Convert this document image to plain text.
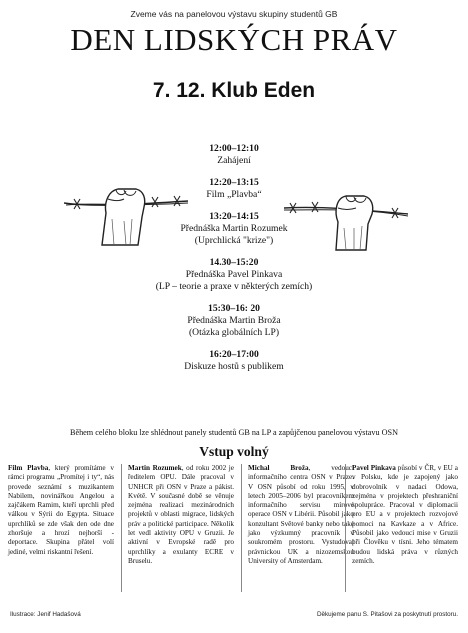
Zveme vás na panelovou výstavu skupiny studentů GB
DEN LIDSKÝCH PRÁV
7. 12. Klub Eden
12:00–12:10
Zahájení
12:20–13:15
Film „Plavba“
13:20–14:15
Přednáška Martin Rozumek
(Uprchlická "krize")
14.30–15:20
Přednáška Pavel Pinkava
(LP – teorie a praxe v některých zemích)
15:30–16: 20
Přednáška Martin Broža
(Otázka globálních LP)
16:20–17:00
Diskuze hostů s publikem
Během celého bloku lze shlédnout panely studentů GB na LP a zapůjčenou panelovou výstavu OSN
Vstup volný
Film Plavba, který promítáme v rámci programu „Promítej i ty“, nás provede seznámí s muzikantem Nabilem, novinářkou Angelou a zajčákem Ramim, kteří uprchli před válkou v Sýrii do Egypta. Situace uprchlíků se zde však den ode dne zhoršuje a hrozí nejhorší - deportace. Skupina přátel volí jediné, velmi riskantní řešení.
Martin Rozumek, od roku 2002 je ředitelem OPU. Dále pracoval v UNHCR při OSN v Praze a pákist. Kvétě. V současné době se věnuje zejména realizaci mezinárodních projektů v oblasti migrace, lidských práv a politické participace. Několik let vedl aktivity OPU v Gruzii. Je aktivní v Evropské radě pro uprchlíky a exulanty ECRE v Bruselu.
Michal Broža, vedoucí informačního centra OSN v Praze. V OSN působí od roku 1995, v letech 2005–2006 byl pracovníkem informačního servisu mírové operace OSN v Libérii. Působil jako konzultant Světové banky nebo také jako výzkumný pracovník v soukromém prostoru. Vystudoval právnickou UK a nizozemskou University of Amsterdam.
Pavel Pinkava působí v ČR, v EU a v Polsku, kde je zapojený jako dobrovolník v nadaci Odowa, zejména v projektech přeshraniční spolupráce. Pracoval v diplomacii pro EU a v projektech rozvojové pomoci na Kavkaze a v Africe. Působil jako vedoucí mise v Gruzii při Člověku v tísni. Jeho tématem budou lidská práva v různých zemích.
Ilustrace: Jenif Hadašová	Děkujeme panu S. Pitašovi za poskytnutí prostoru.
